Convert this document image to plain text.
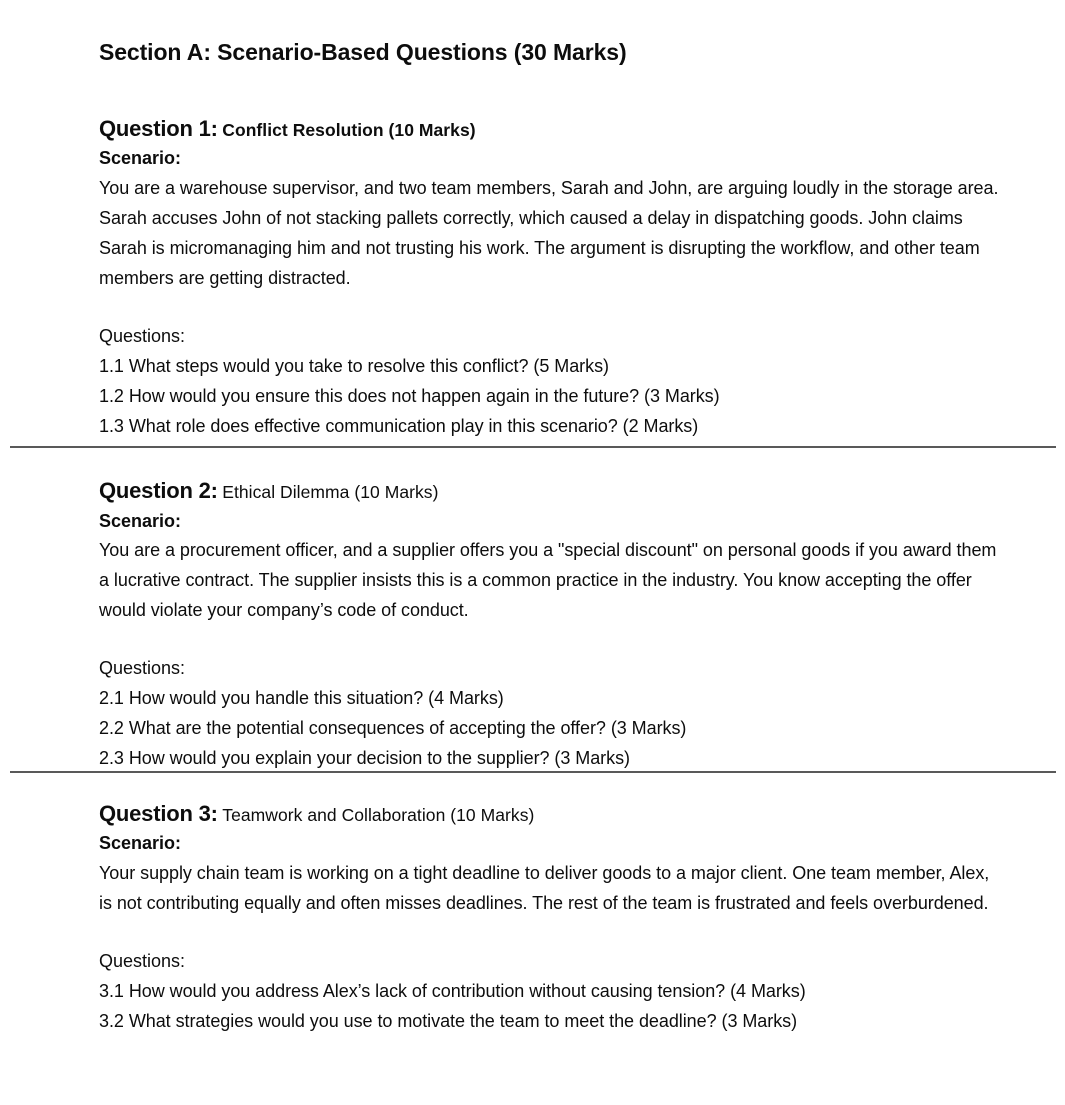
Section A: Scenario-Based Questions (30 Marks)
Question 1: Conflict Resolution (10 Marks)

Scenario:

You are a warehouse supervisor, and two team members, Sarah and John, are arguing loudly in the storage area. Sarah accuses John of not stacking pallets correctly, which caused a delay in dispatching goods. John claims Sarah is micromanaging him and not trusting his work. The argument is disrupting the workflow, and other team members are getting distracted.

Questions:

1.1 What steps would you take to resolve this conflict? (5 Marks)
1.2 How would you ensure this does not happen again in the future? (3 Marks)
1.3 What role does effective communication play in this scenario? (2 Marks)
Question 2: Ethical Dilemma (10 Marks)

Scenario:

You are a procurement officer, and a supplier offers you a "special discount" on personal goods if you award them a lucrative contract. The supplier insists this is a common practice in the industry. You know accepting the offer would violate your company’s code of conduct.

Questions:

2.1 How would you handle this situation? (4 Marks)
2.2 What are the potential consequences of accepting the offer? (3 Marks)
2.3 How would you explain your decision to the supplier? (3 Marks)
Question 3: Teamwork and Collaboration (10 Marks)

Scenario:

Your supply chain team is working on a tight deadline to deliver goods to a major client. One team member, Alex, is not contributing equally and often misses deadlines. The rest of the team is frustrated and feels overburdened.

Questions:

3.1 How would you address Alex’s lack of contribution without causing tension? (4 Marks)
3.2 What strategies would you use to motivate the team to meet the deadline? (3 Marks)
